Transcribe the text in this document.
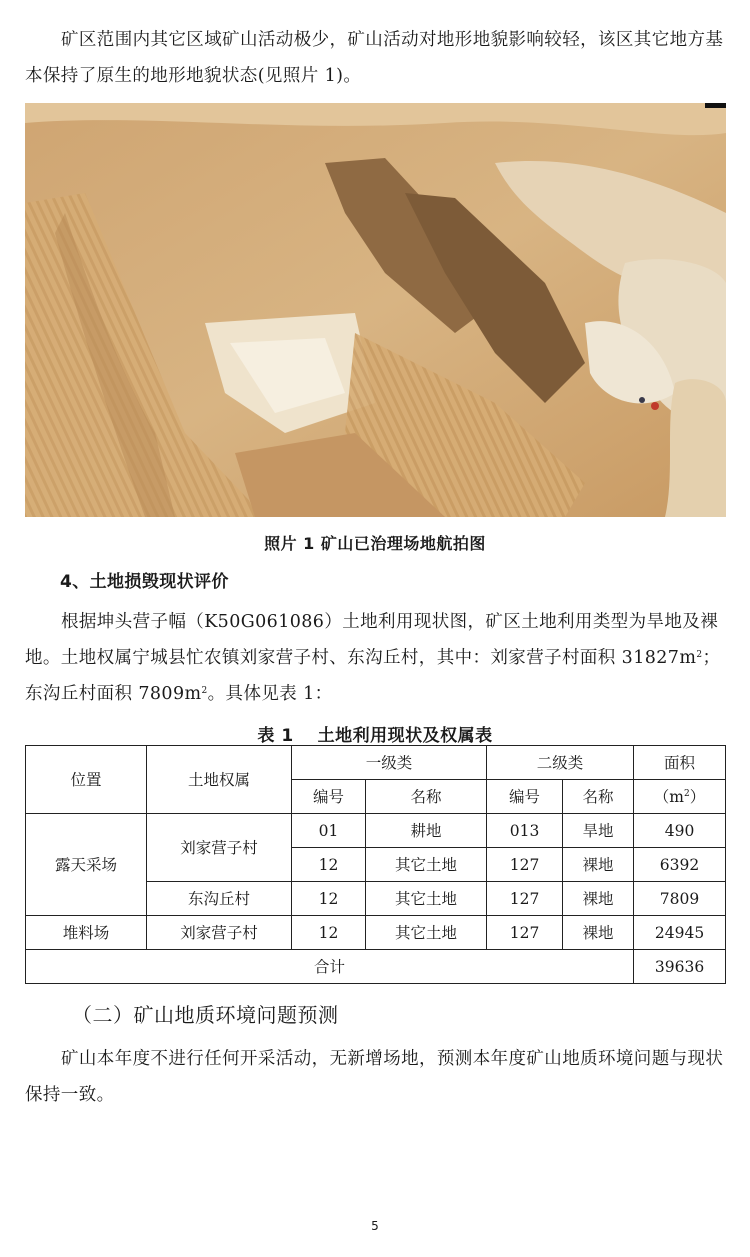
矿区范围内其它区域矿山活动极少，矿山活动对地形地貌影响较轻，该区其它地方基本保持了原生的地形地貌状态(见照片 1)。

照片 1 矿山已治理场地航拍图
4、土地损毁现状评价

根据坤头营子幅（K50G061086）土地利用现状图，矿区土地利用类型为旱地及裸地。土地权属宁城县忙农镇刘家营子村、东沟丘村，其中：刘家营子村面积 $31827m^2$；东沟丘村面积 $7809m^2$。具体见表 1：

表 1　 土地利用现状及权属表
位置	土地权属	一级类		二级类		面积
		编号	名称	编号	名称	$(m^2)$
露天采场	刘家营子村	01	耕地	013	旱地	490
		12	其它土地	127	裸地	6392
	东沟丘村	12	其它土地	127	裸地	7809
堆料场	刘家营子村	12	其它土地	127	裸地	24945
合计						39636
（二）矿山地质环境问题预测

矿山本年度不进行任何开采活动，无新增场地，预测本年度矿山地质环境问题与现状保持一致。

5
